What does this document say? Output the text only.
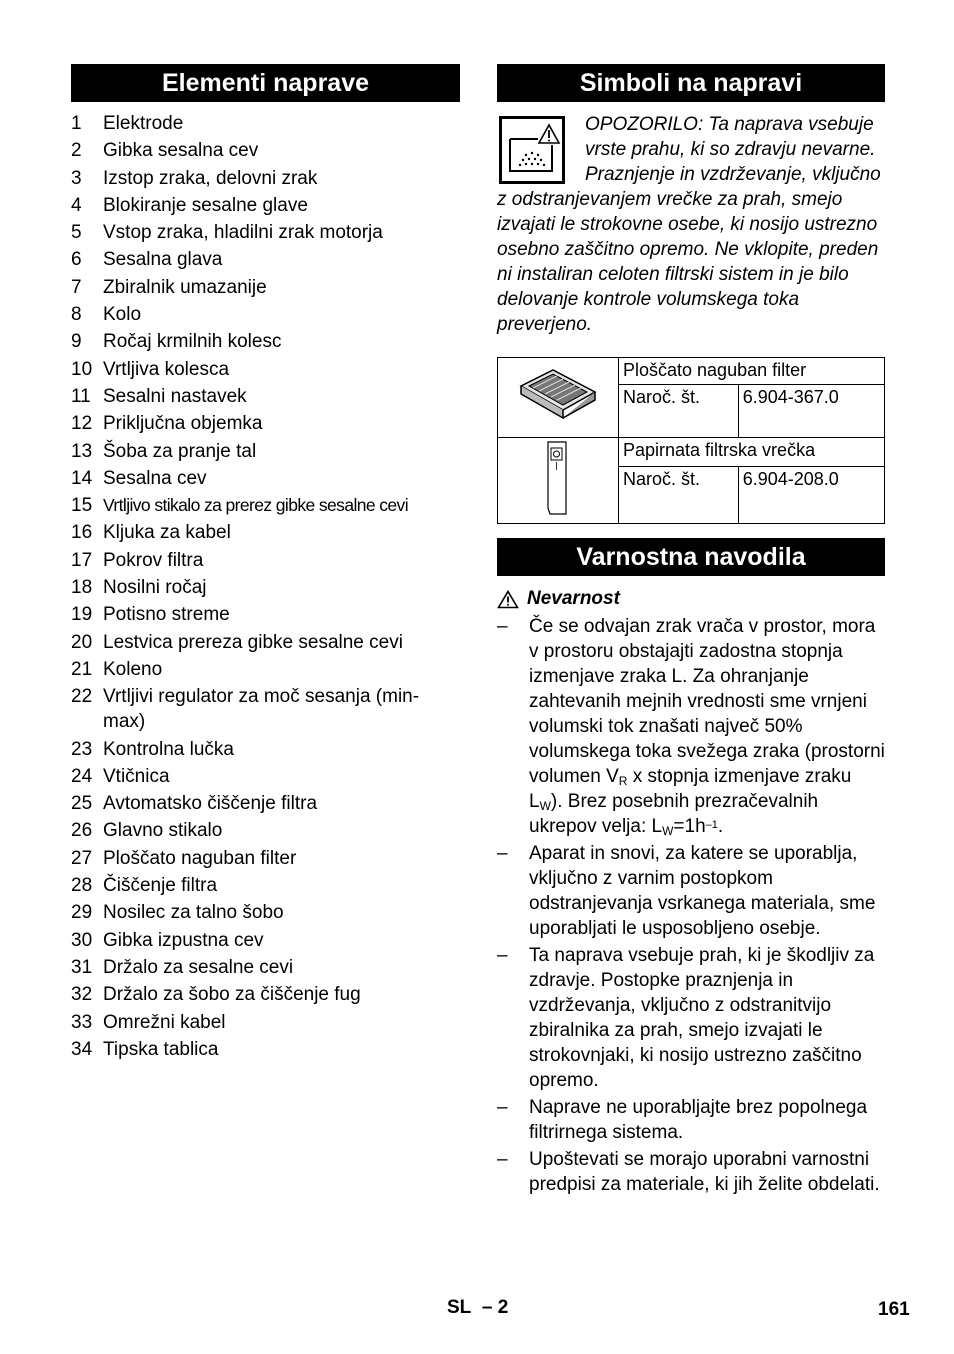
Elementi naprave
1	Elektrode
2	Gibka sesalna cev
3	Izstop zraka, delovni zrak
4	Blokiranje sesalne glave
5	Vstop zraka, hladilni zrak motorja
6	Sesalna glava
7	Zbiralnik umazanije
8	Kolo
9	Ročaj krmilnih kolesc
10 Vrtljiva kolesca
11 Sesalni nastavek
12 Priključna objemka
13 Šoba za pranje tal
14 Sesalna cev
15 Vrtljivo stikalo za prerez gibke sesalne cevi
16 Kljuka za kabel
17 Pokrov filtra
18 Nosilni ročaj
19 Potisno streme
20 Lestvica prereza gibke sesalne cevi
21 Koleno
22 Vrtljivi regulator za moč sesanja (min-max)
23 Kontrolna lučka
24 Vtičnica
25 Avtomatsko čiščenje filtra
26 Glavno stikalo
27 Ploščato naguban filter
28 Čiščenje filtra
29 Nosilec za talno šobo
30 Gibka izpustna cev
31 Držalo za sesalne cevi
32 Držalo za šobo za čiščenje fug
33 Omrežni kabel
34 Tipska tablica
Simboli na napravi
OPOZORILO: Ta naprava vsebuje vrste prahu, ki so zdravju nevarne. Praznjenje in vzdrževanje, vključno z odstranjevanjem vrečke za prah, smejo izvajati le strokovne osebe, ki nosijo ustrezno osebno zaščitno opremo. Ne vklopite, preden ni instaliran celoten filtrski sistem in je bilo delovanje kontrole volumskega toka preverjeno.
	Ploščato naguban filter	
	Naroč. št.	6.904-367.0
	Papirnata filtrska vrečka	
	Naroč. št.	6.904-208.0
Varnostna navodila
Nevarnost
–	Če se odvajan zrak vrača v prostor, mora v prostoru obstajajti zadostna stopnja izmenjave zraka L. Za ohranjanje zahtevanih mejnih vrednosti sme vrnjeni volumski tok znašati največ 50% volumskega toka svežega zraka (prostorni volumen $V_R$ x stopnja izmenjave zraku $L_W$). Brez posebnih prezračevalnih ukrepov velja: $L_W=1h^{-1}$.
–	Aparat in snovi, za katere se uporablja, vključno z varnim postopkom odstranjevanja vsrkanega materiala, sme uporabljati le usposobljeno osebje.
–	Ta naprava vsebuje prah, ki je škodljiv za zdravje. Postopke praznjenja in vzdrževanja, vključno z odstranitvijo zbiralnika za prah, smejo izvajati le strokovnjaki, ki nosijo ustrezno zaščitno opremo.
–	Naprave ne uporabljajte brez popolnega filtrirnega sistema.
–	Upoštevati se morajo uporabni varnostni predpisi za materiale, ki jih želite obdelati.
SL – 2	161
